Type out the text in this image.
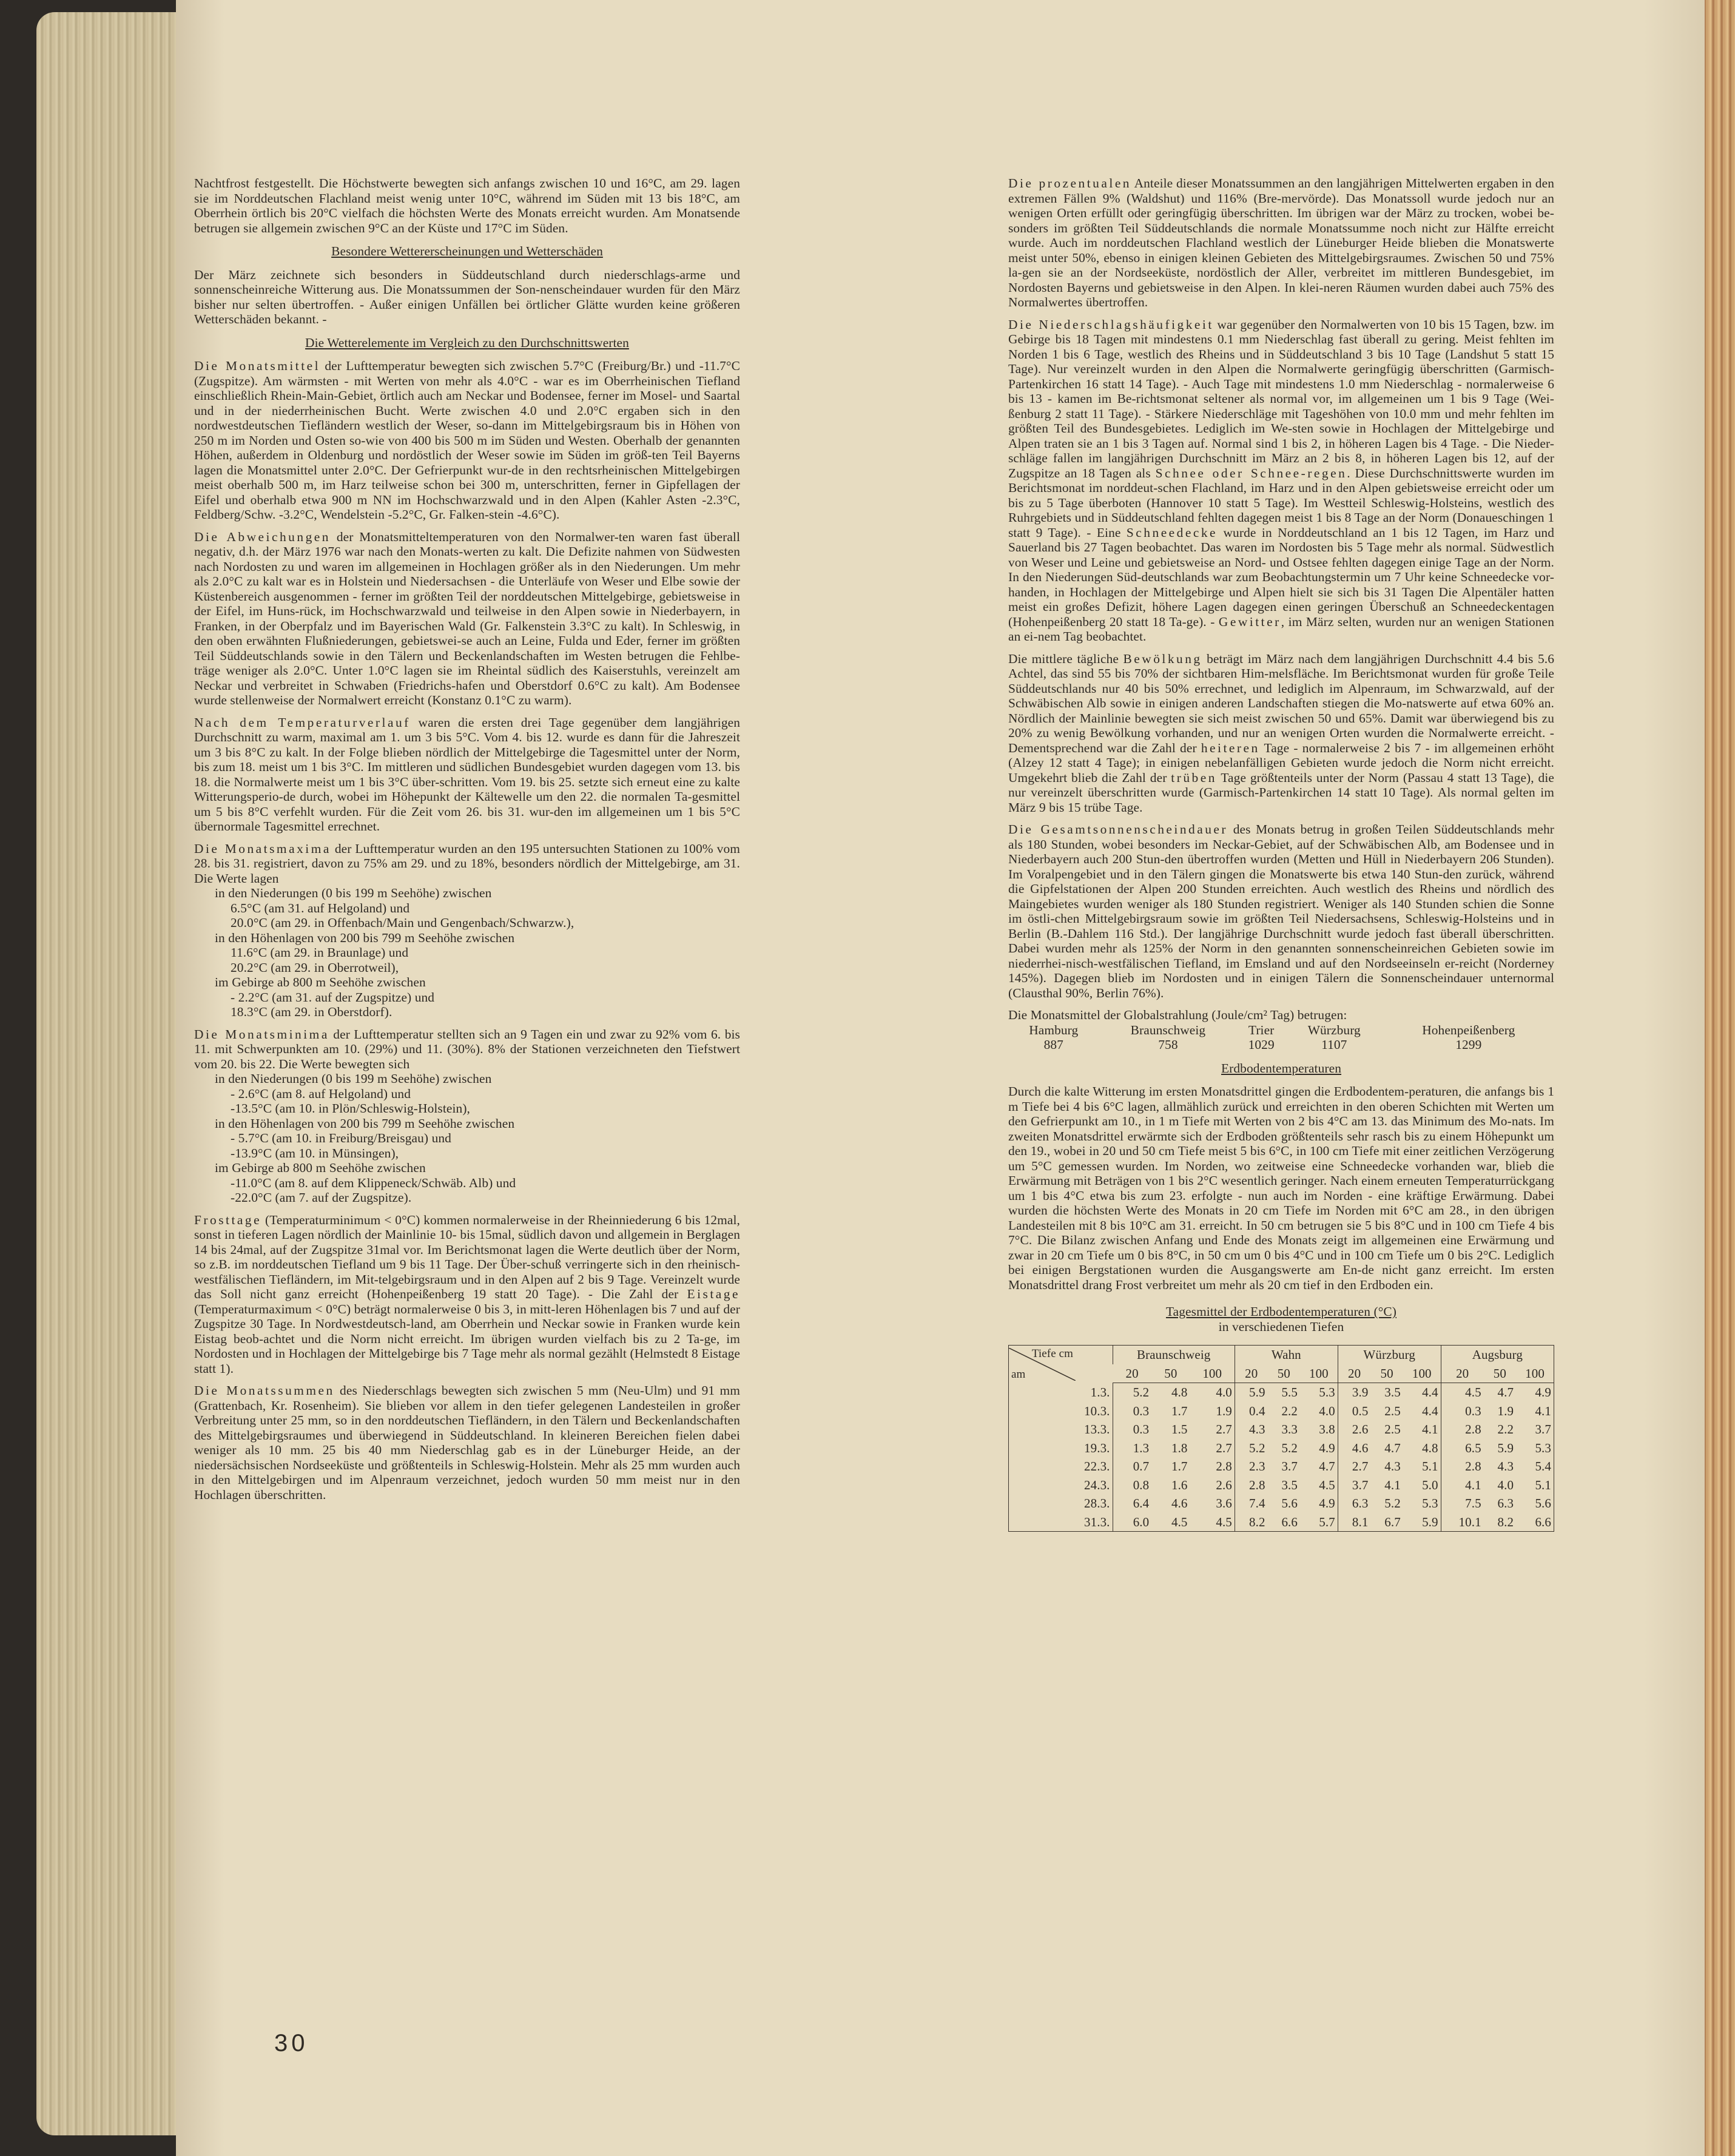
Nachtfrost festgestellt. Die Höchstwerte bewegten sich anfangs zwischen 10 und 16°C, am 29. lagen sie im Norddeutschen Flachland meist wenig unter 10°C, während im Süden mit 13 bis 18°C, am Oberrhein örtlich bis 20°C vielfach die höchsten Werte des Monats erreicht wurden. Am Monatsende betrugen sie allgemein zwischen 9°C an der Küste und 17°C im Süden.

Besondere Wettererscheinungen und Wetterschäden

Der März zeichnete sich besonders in Süddeutschland durch niederschlags-arme und sonnenscheinreiche Witterung aus. Die Monatssummen der Son-nenscheindauer wurden für den März bisher nur selten übertroffen. - Außer einigen Unfällen bei örtlicher Glätte wurden keine größeren Wetterschäden bekannt. -

Die Wetterelemente im Vergleich zu den Durchschnittswerten

Die Monatsmittel der Lufttemperatur bewegten sich zwischen 5.7°C (Freiburg/Br.) und -11.7°C (Zugspitze). Am wärmsten - mit Werten von mehr als 4.0°C - war es im Oberrheinischen Tiefland einschließlich Rhein-Main-Gebiet, örtlich auch am Neckar und Bodensee, ferner im Mosel- und Saartal und in der niederrheinischen Bucht. Werte zwischen 4.0 und 2.0°C ergaben sich in den nordwestdeutschen Tiefländern westlich der Weser, so-dann im Mittelgebirgsraum bis in Höhen von 250 m im Norden und Osten so-wie von 400 bis 500 m im Süden und Westen. Oberhalb der genannten Höhen, außerdem in Oldenburg und nordöstlich der Weser sowie im Süden im größ-ten Teil Bayerns lagen die Monatsmittel unter 2.0°C. Der Gefrierpunkt wur-de in den rechtsrheinischen Mittelgebirgen meist oberhalb 500 m, im Harz teilweise schon bei 300 m, unterschritten, ferner in Gipfellagen der Eifel und oberhalb etwa 900 m NN im Hochschwarzwald und in den Alpen (Kahler Asten -2.3°C, Feldberg/Schw. -3.2°C, Wendelstein -5.2°C, Gr. Falken-stein -4.6°C).

Die Abweichungen der Monatsmitteltemperaturen von den Normalwer-ten waren fast überall negativ, d.h. der März 1976 war nach den Monats-werten zu kalt. Die Defizite nahmen von Südwesten nach Nordosten zu und waren im allgemeinen in Hochlagen größer als in den Niederungen. Um mehr als 2.0°C zu kalt war es in Holstein und Niedersachsen - die Unterläufe von Weser und Elbe sowie der Küstenbereich ausgenommen - ferner im größten Teil der norddeutschen Mittelgebirge, gebietsweise in der Eifel, im Huns-rück, im Hochschwarzwald und teilweise in den Alpen sowie in Niederbayern, in Franken, in der Oberpfalz und im Bayerischen Wald (Gr. Falkenstein 3.3°C zu kalt). In Schleswig, in den oben erwähnten Flußniederungen, gebietswei-se auch an Leine, Fulda und Eder, ferner im größten Teil Süddeutschlands sowie in den Tälern und Beckenlandschaften im Westen betrugen die Fehlbe-träge weniger als 2.0°C. Unter 1.0°C lagen sie im Rheintal südlich des Kaiserstuhls, vereinzelt am Neckar und verbreitet in Schwaben (Friedrichs-hafen und Oberstdorf 0.6°C zu kalt). Am Bodensee wurde stellenweise der Normalwert erreicht (Konstanz 0.1°C zu warm).

Nach dem Temperaturverlauf waren die ersten drei Tage gegenüber dem langjährigen Durchschnitt zu warm, maximal am 1. um 3 bis 5°C. Vom 4. bis 12. wurde es dann für die Jahreszeit um 3 bis 8°C zu kalt. In der Folge blieben nördlich der Mittelgebirge die Tagesmittel unter der Norm, bis zum 18. meist um 1 bis 3°C. Im mittleren und südlichen Bundesgebiet wurden dagegen vom 13. bis 18. die Normalwerte meist um 1 bis 3°C über-schritten. Vom 19. bis 25. setzte sich erneut eine zu kalte Witterungsperio-de durch, wobei im Höhepunkt der Kältewelle um den 22. die normalen Ta-gesmittel um 5 bis 8°C verfehlt wurden. Für die Zeit vom 26. bis 31. wur-den im allgemeinen um 1 bis 5°C übernormale Tagesmittel errechnet.

Die Monatsmaxima der Lufttemperatur wurden an den 195 untersuchten Stationen zu 100% vom 28. bis 31. registriert, davon zu 75% am 29. und zu 18%, besonders nördlich der Mittelgebirge, am 31. Die Werte lagen

in den Niederungen (0 bis 199 m Seehöhe) zwischen
6.5°C (am 31. auf Helgoland) und
20.0°C (am 29. in Offenbach/Main und Gengenbach/Schwarzw.),
in den Höhenlagen von 200 bis 799 m Seehöhe zwischen
11.6°C (am 29. in Braunlage) und
20.2°C (am 29. in Oberrotweil),
im Gebirge ab 800 m Seehöhe zwischen
- 2.2°C (am 31. auf der Zugspitze) und
18.3°C (am 29. in Oberstdorf).

Die Monatsminima der Lufttemperatur stellten sich an 9 Tagen ein und zwar zu 92% vom 6. bis 11. mit Schwerpunkten am 10. (29%) und 11. (30%). 8% der Stationen verzeichneten den Tiefstwert vom 20. bis 22. Die Werte bewegten sich

in den Niederungen (0 bis 199 m Seehöhe) zwischen
- 2.6°C (am 8. auf Helgoland) und
-13.5°C (am 10. in Plön/Schleswig-Holstein),
in den Höhenlagen von 200 bis 799 m Seehöhe zwischen
- 5.7°C (am 10. in Freiburg/Breisgau) und
-13.9°C (am 10. in Münsingen),
im Gebirge ab 800 m Seehöhe zwischen
-11.0°C (am 8. auf dem Klippeneck/Schwäb. Alb) und
-22.0°C (am 7. auf der Zugspitze).

Frosttage (Temperaturminimum < 0°C) kommen normalerweise in der Rheinniederung 6 bis 12mal, sonst in tieferen Lagen nördlich der Mainlinie 10- bis 15mal, südlich davon und allgemein in Berglagen 14 bis 24mal, auf der Zugspitze 31mal vor. Im Berichtsmonat lagen die Werte deutlich über der Norm, so z.B. im norddeutschen Tiefland um 9 bis 11 Tage. Der Über-schuß verringerte sich in den rheinisch-westfälischen Tiefländern, im Mit-telgebirgsraum und in den Alpen auf 2 bis 9 Tage. Vereinzelt wurde das Soll nicht ganz erreicht (Hohenpeißenberg 19 statt 20 Tage). - Die Zahl der Eistage (Temperaturmaximum < 0°C) beträgt normalerweise 0 bis 3, in mitt-leren Höhenlagen bis 7 und auf der Zugspitze 30 Tage. In Nordwestdeutsch-land, am Oberrhein und Neckar sowie in Franken wurde kein Eistag beob-achtet und die Norm nicht erreicht. Im übrigen wurden vielfach bis zu 2 Ta-ge, im Nordosten und in Hochlagen der Mittelgebirge bis 7 Tage mehr als normal gezählt (Helmstedt 8 Eistage statt 1).

Die Monatssummen des Niederschlags bewegten sich zwischen 5 mm (Neu-Ulm) und 91 mm (Grattenbach, Kr. Rosenheim). Sie blieben vor allem in den tiefer gelegenen Landesteilen in großer Verbreitung unter 25 mm, so in den norddeutschen Tiefländern, in den Tälern und Beckenlandschaften des Mittelgebirgsraumes und überwiegend in Süddeutschland. In kleineren Bereichen fielen dabei weniger als 10 mm. 25 bis 40 mm Niederschlag gab es in der Lüneburger Heide, an der niedersächsischen Nordseeküste und größtenteils in Schleswig-Holstein. Mehr als 25 mm wurden auch in den Mittelgebirgen und im Alpenraum verzeichnet, jedoch wurden 50 mm meist nur in den Hochlagen überschritten.

Die prozentualen Anteile dieser Monatssummen an den langjährigen Mittelwerten ergaben in den extremen Fällen 9% (Waldshut) und 116% (Bre-mervörde). Das Monatssoll wurde jedoch nur an wenigen Orten erfüllt oder geringfügig überschritten. Im übrigen war der März zu trocken, wobei be-sonders im größten Teil Süddeutschlands die normale Monatssumme noch nicht zur Hälfte erreicht wurde. Auch im norddeutschen Flachland westlich der Lüneburger Heide blieben die Monatswerte meist unter 50%, ebenso in einigen kleinen Gebieten des Mittelgebirgsraumes. Zwischen 50 und 75% la-gen sie an der Nordseeküste, nordöstlich der Aller, verbreitet im mittleren Bundesgebiet, im Nordosten Bayerns und gebietsweise in den Alpen. In klei-neren Räumen wurden dabei auch 75% des Normalwertes übertroffen.

Die Niederschlagshäufigkeit war gegenüber den Normalwerten von 10 bis 15 Tagen, bzw. im Gebirge bis 18 Tagen mit mindestens 0.1 mm Niederschlag fast überall zu gering. Meist fehlten im Norden 1 bis 6 Tage, westlich des Rheins und in Süddeutschland 3 bis 10 Tage (Landshut 5 statt 15 Tage). Nur vereinzelt wurden in den Alpen die Normalwerte geringfügig überschritten (Garmisch-Partenkirchen 16 statt 14 Tage). - Auch Tage mit mindestens 1.0 mm Niederschlag - normalerweise 6 bis 13 - kamen im Be-richtsmonat seltener als normal vor, im allgemeinen um 1 bis 9 Tage (Wei-ßenburg 2 statt 11 Tage). - Stärkere Niederschläge mit Tageshöhen von 10.0 mm und mehr fehlten im größten Teil des Bundesgebietes. Lediglich im We-sten sowie in Hochlagen der Mittelgebirge und Alpen traten sie an 1 bis 3 Tagen auf. Normal sind 1 bis 2, in höheren Lagen bis 4 Tage. - Die Nieder-schläge fallen im langjährigen Durchschnitt im März an 2 bis 8, in höheren Lagen bis 12, auf der Zugspitze an 18 Tagen als Schnee oder Schnee-regen. Diese Durchschnittswerte wurden im Berichtsmonat im norddeut-schen Flachland, im Harz und in den Alpen gebietsweise erreicht oder um bis zu 5 Tage überboten (Hannover 10 statt 5 Tage). Im Westteil Schleswig-Holsteins, westlich des Ruhrgebiets und in Süddeutschland fehlten dagegen meist 1 bis 8 Tage an der Norm (Donaueschingen 1 statt 9 Tage). - Eine Schneedecke wurde in Norddeutschland an 1 bis 12 Tagen, im Harz und Sauerland bis 27 Tagen beobachtet. Das waren im Nordosten bis 5 Tage mehr als normal. Südwestlich von Weser und Leine und gebietsweise an Nord- und Ostsee fehlten dagegen einige Tage an der Norm. In den Niederungen Süd-deutschlands war zum Beobachtungstermin um 7 Uhr keine Schneedecke vor-handen, in Hochlagen der Mittelgebirge und Alpen hielt sie sich bis 31 Tagen Die Alpentäler hatten meist ein großes Defizit, höhere Lagen dagegen einen geringen Überschuß an Schneedeckentagen (Hohenpeißenberg 20 statt 18 Ta-ge). - Gewitter, im März selten, wurden nur an wenigen Stationen an ei-nem Tag beobachtet.

Die mittlere tägliche Bewölkung beträgt im März nach dem langjährigen Durchschnitt 4.4 bis 5.6 Achtel, das sind 55 bis 70% der sichtbaren Him-melsfläche. Im Berichtsmonat wurden für große Teile Süddeutschlands nur 40 bis 50% errechnet, und lediglich im Alpenraum, im Schwarzwald, auf der Schwäbischen Alb sowie in einigen anderen Landschaften stiegen die Mo-natswerte auf etwa 60% an. Nördlich der Mainlinie bewegten sie sich meist zwischen 50 und 65%. Damit war überwiegend bis zu 20% zu wenig Bewölkung vorhanden, und nur an wenigen Orten wurden die Normalwerte erreicht. - Dementsprechend war die Zahl der heiteren Tage - normalerweise 2 bis 7 - im allgemeinen erhöht (Alzey 12 statt 4 Tage); in einigen nebelanfälligen Gebieten wurde jedoch die Norm nicht erreicht. Umgekehrt blieb die Zahl der trüben Tage größtenteils unter der Norm (Passau 4 statt 13 Tage), die nur vereinzelt überschritten wurde (Garmisch-Partenkirchen 14 statt 10 Tage). Als normal gelten im März 9 bis 15 trübe Tage.

Die Gesamtsonnenscheindauer des Monats betrug in großen Teilen Süddeutschlands mehr als 180 Stunden, wobei besonders im Neckar-Gebiet, auf der Schwäbischen Alb, am Bodensee und in Niederbayern auch 200 Stun-den übertroffen wurden (Metten und Hüll in Niederbayern 206 Stunden). Im Voralpengebiet und in den Tälern gingen die Monatswerte bis etwa 140 Stun-den zurück, während die Gipfelstationen der Alpen 200 Stunden erreichten. Auch westlich des Rheins und nördlich des Maingebietes wurden weniger als 180 Stunden registriert. Weniger als 140 Stunden schien die Sonne im östli-chen Mittelgebirgsraum sowie im größten Teil Niedersachsens, Schleswig-Holsteins und in Berlin (B.-Dahlem 116 Std.). Der langjährige Durchschnitt wurde jedoch fast überall überschritten. Dabei wurden mehr als 125% der Norm in den genannten sonnenscheinreichen Gebieten sowie im niederrhei-nisch-westfälischen Tiefland, im Emsland und auf den Nordseeinseln er-reicht (Norderney 145%). Dagegen blieb im Nordosten und in einigen Tälern die Sonnenscheindauer unternormal (Clausthal 90%, Berlin 76%).

Die Monatsmittel der Globalstrahlung (Joule/cm² Tag) betrugen:

Hamburg	Braunschweig	Trier	Würzburg	Hohenpeißenberg
887	758	1029	1107	1299
Erdbodentemperaturen

Durch die kalte Witterung im ersten Monatsdrittel gingen die Erdbodentem-peraturen, die anfangs bis 1 m Tiefe bei 4 bis 6°C lagen, allmählich zurück und erreichten in den oberen Schichten mit Werten um den Gefrierpunkt am 10., in 1 m Tiefe mit Werten von 2 bis 4°C am 13. das Minimum des Mo-nats. Im zweiten Monatsdrittel erwärmte sich der Erdboden größtenteils sehr rasch bis zu einem Höhepunkt um den 19., wobei in 20 und 50 cm Tiefe meist 5 bis 6°C, in 100 cm Tiefe mit einer zeitlichen Verzögerung um 5°C gemessen wurden. Im Norden, wo zeitweise eine Schneedecke vorhanden war, blieb die Erwärmung mit Beträgen von 1 bis 2°C wesentlich geringer. Nach einem erneuten Temperaturrückgang um 1 bis 4°C etwa bis zum 23. erfolgte - nun auch im Norden - eine kräftige Erwärmung. Dabei wurden die höchsten Werte des Monats in 20 cm Tiefe im Norden mit 6°C am 28., in den übrigen Landesteilen mit 8 bis 10°C am 31. erreicht. In 50 cm betrugen sie 5 bis 8°C und in 100 cm Tiefe 4 bis 7°C. Die Bilanz zwischen Anfang und Ende des Monats zeigt im allgemeinen eine Erwärmung und zwar in 20 cm Tiefe um 0 bis 8°C, in 50 cm um 0 bis 4°C und in 100 cm Tiefe um 0 bis 2°C. Lediglich bei einigen Bergstationen wurden die Ausgangswerte am En-de nicht ganz erreicht. Im ersten Monatsdrittel drang Frost verbreitet um mehr als 20 cm tief in den Erdboden ein.

Tagesmittel der Erdbodentemperaturen (°C)
in verschiedenen Tiefen
Tiefe cm
am	Braunschweig			Wahn			Würzburg			Augsburg		
	20	50	100	20	50	100	20	50	100	20	50	100
1.3.	5.2	4.8	4.0	5.9	5.5	5.3	3.9	3.5	4.4	4.5	4.7	4.9
10.3.	0.3	1.7	1.9	0.4	2.2	4.0	0.5	2.5	4.4	0.3	1.9	4.1
13.3.	0.3	1.5	2.7	4.3	3.3	3.8	2.6	2.5	4.1	2.8	2.2	3.7
19.3.	1.3	1.8	2.7	5.2	5.2	4.9	4.6	4.7	4.8	6.5	5.9	5.3
22.3.	0.7	1.7	2.8	2.3	3.7	4.7	2.7	4.3	5.1	2.8	4.3	5.4
24.3.	0.8	1.6	2.6	2.8	3.5	4.5	3.7	4.1	5.0	4.1	4.0	5.1
28.3.	6.4	4.6	3.6	7.4	5.6	4.9	6.3	5.2	5.3	7.5	6.3	5.6
31.3.	6.0	4.5	4.5	8.2	6.6	5.7	8.1	6.7	5.9	10.1	8.2	6.6
30
